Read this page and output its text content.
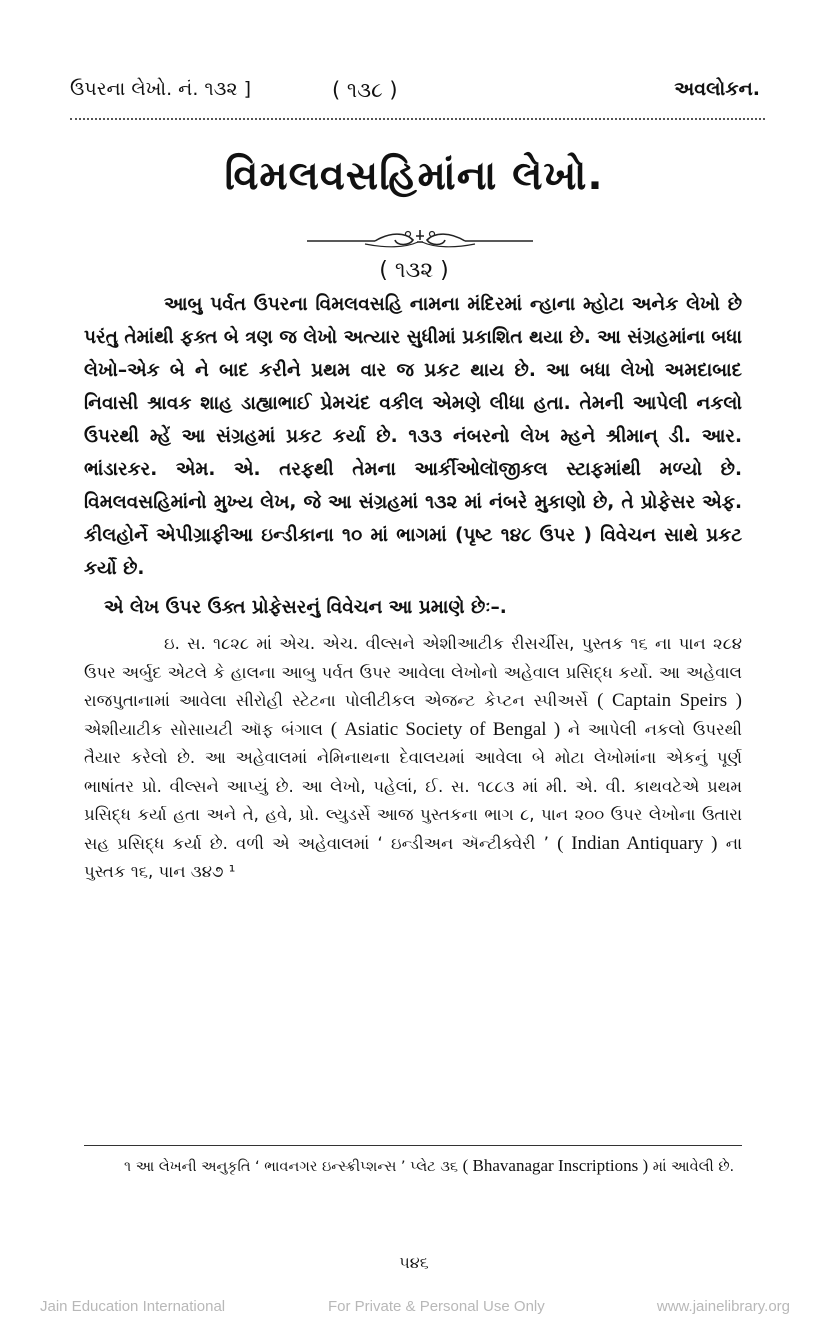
ઉપરના લેખો. નં. ૧૩૨ ]	( ૧૩૮ )	અવલોકન.
વિમલવસહિમાંના લેખો.
( ૧૩૨ )

આબુ પર્વત ઉપરના વિમલવસહિ નામના મંદિરમાં ન્હાના મ્હોટા અનેક લેખો છે પરંતુ તેમાંથી ફક્ત બે ત્રણ જ લેખો અત્યાર સુધીમાં પ્રકાશિત થયા છે. આ સંગ્રહમાંના બધા લેખો–એક બે ને બાદ કરીને પ્રથમ વાર જ પ્રકટ થાય છે. આ બધા લેખો અમદાબાદ નિવાસી શ્રાવક શાહ ડાહ્યાભાઈ પ્રેમચંદ વકીલ એમણે લીધા હતા. તેમની આપેલી નકલો ઉપરથી મ્હેં આ સંગ્રહમાં પ્રકટ કર્યા છે. ૧૩૩ નંબરનો લેખ મ્હને શ્રીમાન્ ડી. આર. ભાંડારકર. એમ. એ. તરફથી તેમના આર્કીઓલૉજીકલ સ્ટાફમાંથી મળ્યો છે. વિમલવસહિમાંનો મુખ્ય લેખ, જે આ સંગ્રહમાં ૧૩૨ માં નંબરે મુકાણો છે, તે પ્રોફેસર એફ. કીલહોર્ને એપીગ્રાફીઆ ઇન્ડીકાના ૧૦ માં ભાગમાં (પૃષ્ટ ૧૪૮ ઉપર ) વિવેચન સાથે પ્રકટ કર્યો છે.

એ લેખ ઉપર ઉક્ત પ્રોફેસરનું વિવેચન આ પ્રમાણે છેઃ–.

ઇ. સ. ૧૮૨૮ માં એચ. એચ. વીલ્સને એશીઆટીક રીસર્ચીસ, પુસ્તક ૧૬ ના પાન ૨૮૪ ઉપર અર્બુદ એટલે કે હાલના આબુ પર્વત ઉપર આવેલા લેખોનો અહેવાલ પ્રસિદ્ધ કર્યો. આ અહેવાલ રાજપુતાનામાં આવેલા સીરોહી સ્ટેટના પોલીટીકલ એજન્ટ કેપ્ટન સ્પીઅર્સે ( Captain Speirs ) એશીયાટીક સોસાયટી ઑફ બંગાલ ( Asiatic Society of Bengal ) ને આપેલી નકલો ઉપરથી તૈયાર કરેલો છે. આ અહેવાલમાં નેમિનાથના દેવાલયમાં આવેલા બે મોટા લેખોમાંના એકનું પૂર્ણ ભાષાંતર પ્રો. વીલ્સને આપ્યું છે. આ લેખો, પહેલાં, ઈ. સ. ૧૮૮૩ માં મી. એ. વી. કાથવટેએ પ્રથમ પ્રસિદ્ધ કર્યા હતા અને તે, હવે, પ્રો. લ્યુડર્સે આજ પુસ્તકના ભાગ ૮, પાન ૨૦૦ ઉપર લેખોના ઉતારા સહ પ્રસિદ્ધ કર્યા છે. વળી એ અહેવાલમાં ‘ ઇન્ડીઅન ઍન્ટીક્વેરી ’ ( Indian Antiquary ) ના પુસ્તક ૧૬, પાન ૩૪૭ ¹

૧ આ લેખની અનુકૃતિ ‘ ભાવનગર ઇન્સ્ક્રીપ્શન્સ ’ પ્લેટ ૩૬ ( Bhavanagar Inscriptions ) માં આવેલી છે.
૫૪૬
Jain Education International	For Private & Personal Use Only	www.jainelibrary.org
